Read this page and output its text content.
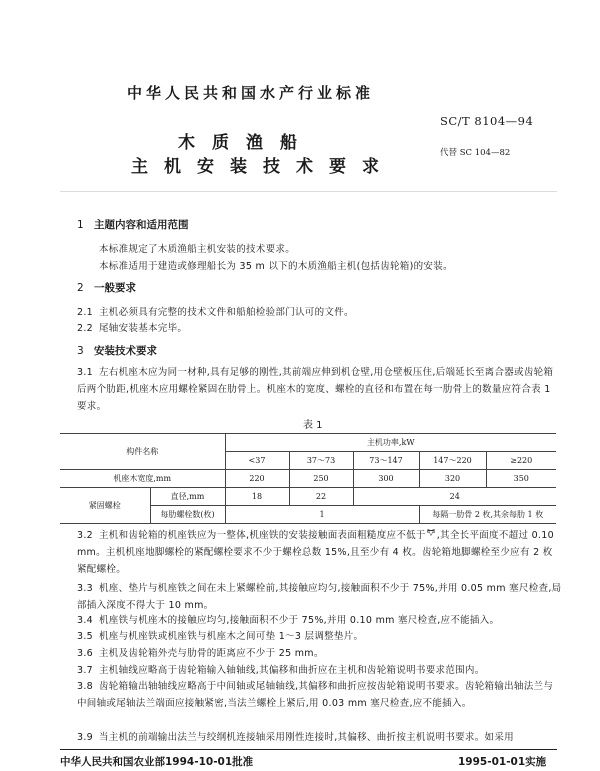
中华人民共和国水产行业标准
SC/T 8104—94
木质渔船	代替 SC 104—82
主机安装技术要求
1 主题内容和适用范围
本标准规定了木质渔船主机安装的技术要求。
本标准适用于建造或修理船长为 35 m 以下的木质渔船主机(包括齿轮箱)的安装。
2 一般要求
2.1 主机必须具有完整的技术文件和船舶检验部门认可的文件。
2.2 尾轴安装基本完毕。
3 安装技术要求
3.1 左右机座木应为同一材种,具有足够的刚性,其前端应伸到机仓壁,用仓壁板压住,后端延长至离合器或齿轮箱后两个肋距,机座木应用螺栓紧固在肋骨上。机座木的宽度、螺栓的直径和布置在每一肋骨上的数量应符合表 1 要求。
表 1
构件名称		主机功率,kW				
		<37	37～73	73～147	147～220	≥220
机座木宽度,mm		220	250	300	320	350
紧固螺栓	直径,mm	18	22	24		
	每肋螺栓数(枚)	1			每隔一肋骨 2 枚,其余每肋 1 枚	
3.2 主机和齿轮箱的机座铁应为一整体,机座铁的安装接触面表面粗糙度应不低于 6.3 ,其全长平面度不超过 0.10 mm。主机机座地脚螺栓的紧配螺栓要求不少于螺栓总数 15%,且至少有 4 枚。齿轮箱地脚螺栓至少应有 2 枚紧配螺栓。
3.3 机座、垫片与机座铁之间在未上紧螺栓前,其接触应均匀,接触面积不少于 75%,并用 0.05 mm 塞尺检查,局部插入深度不得大于 10 mm。
3.4 机座铁与机座木的接触应均匀,接触面积不少于 75%,并用 0.10 mm 塞尺检查,应不能插入。
3.5 机座与机座铁或机座铁与机座木之间可垫 1～3 层调整垫片。
3.6 主机及齿轮箱外壳与肋骨的距离应不少于 25 mm。
3.7 主机轴线应略高于齿轮箱输入轴轴线,其偏移和曲折应在主机和齿轮箱说明书要求范围内。
3.8 齿轮箱输出轴轴线应略高于中间轴或尾轴轴线,其偏移和曲折应按齿轮箱说明书要求。齿轮箱输出轴法兰与中间轴或尾轴法兰端面应接触紧密,当法兰螺栓上紧后,用 0.03 mm 塞尺检查,应不能插入。
3.9 当主机的前端输出法兰与绞纲机连接轴采用刚性连接时,其偏移、曲折按主机说明书要求。如采用
中华人民共和国农业部1994-10-01批准	1995-01-01实施
